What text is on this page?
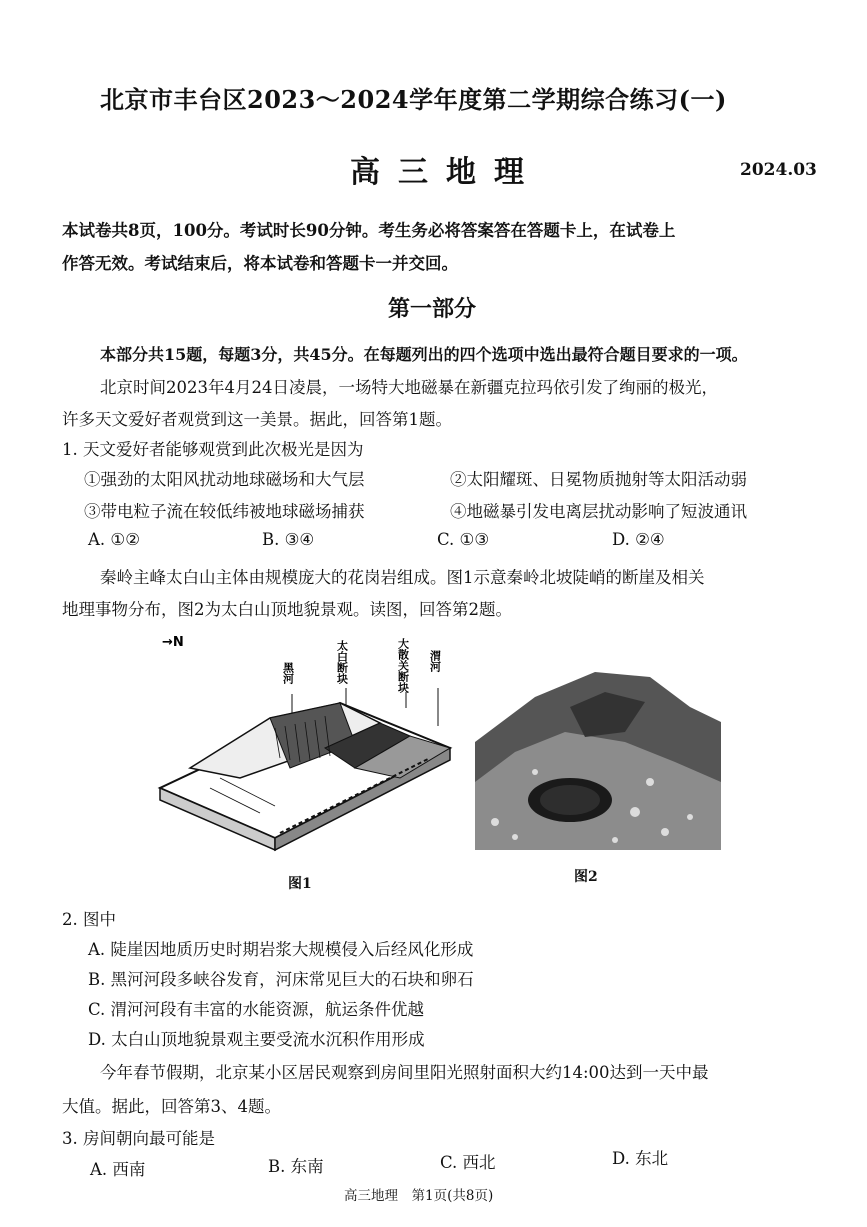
北京市丰台区2023～2024学年度第二学期综合练习(一)
高三地理	2024.03
本试卷共8页，100分。考试时长90分钟。考生务必将答案答在答题卡上，在试卷上
作答无效。考试结束后，将本试卷和答题卡一并交回。
第一部分
本部分共15题，每题3分，共45分。在每题列出的四个选项中选出最符合题目要求的一项。
北京时间2023年4月24日凌晨，一场特大地磁暴在新疆克拉玛依引发了绚丽的极光，
许多天文爱好者观赏到这一美景。据此，回答第1题。
1. 天文爱好者能够观赏到此次极光是因为
①强劲的太阳风扰动地球磁场和大气层	②太阳耀斑、日冕物质抛射等太阳活动弱
③带电粒子流在较低纬被地球磁场捕获	④地磁暴引发电离层扰动影响了短波通讯
A. ①②	B. ③④	C. ①③	D. ②④
秦岭主峰太白山主体由规模庞大的花岗岩组成。图1示意秦岭北坡陡峭的断崖及相关
地理事物分布，图2为太白山顶地貌景观。读图，回答第2题。
→N
黑河	太白断块	大散关断块 渭河
图1	图2
2. 图中
A. 陡崖因地质历史时期岩浆大规模侵入后经风化形成
B. 黑河河段多峡谷发育，河床常见巨大的石块和卵石
C. 渭河河段有丰富的水能资源，航运条件优越
D. 太白山顶地貌景观主要受流水沉积作用形成
今年春节假期，北京某小区居民观察到房间里阳光照射面积大约14:00达到一天中最
大值。据此，回答第3、4题。
3. 房间朝向最可能是
A. 西南	B. 东南	C. 西北	D. 东北
高三地理　第1页(共8页)
